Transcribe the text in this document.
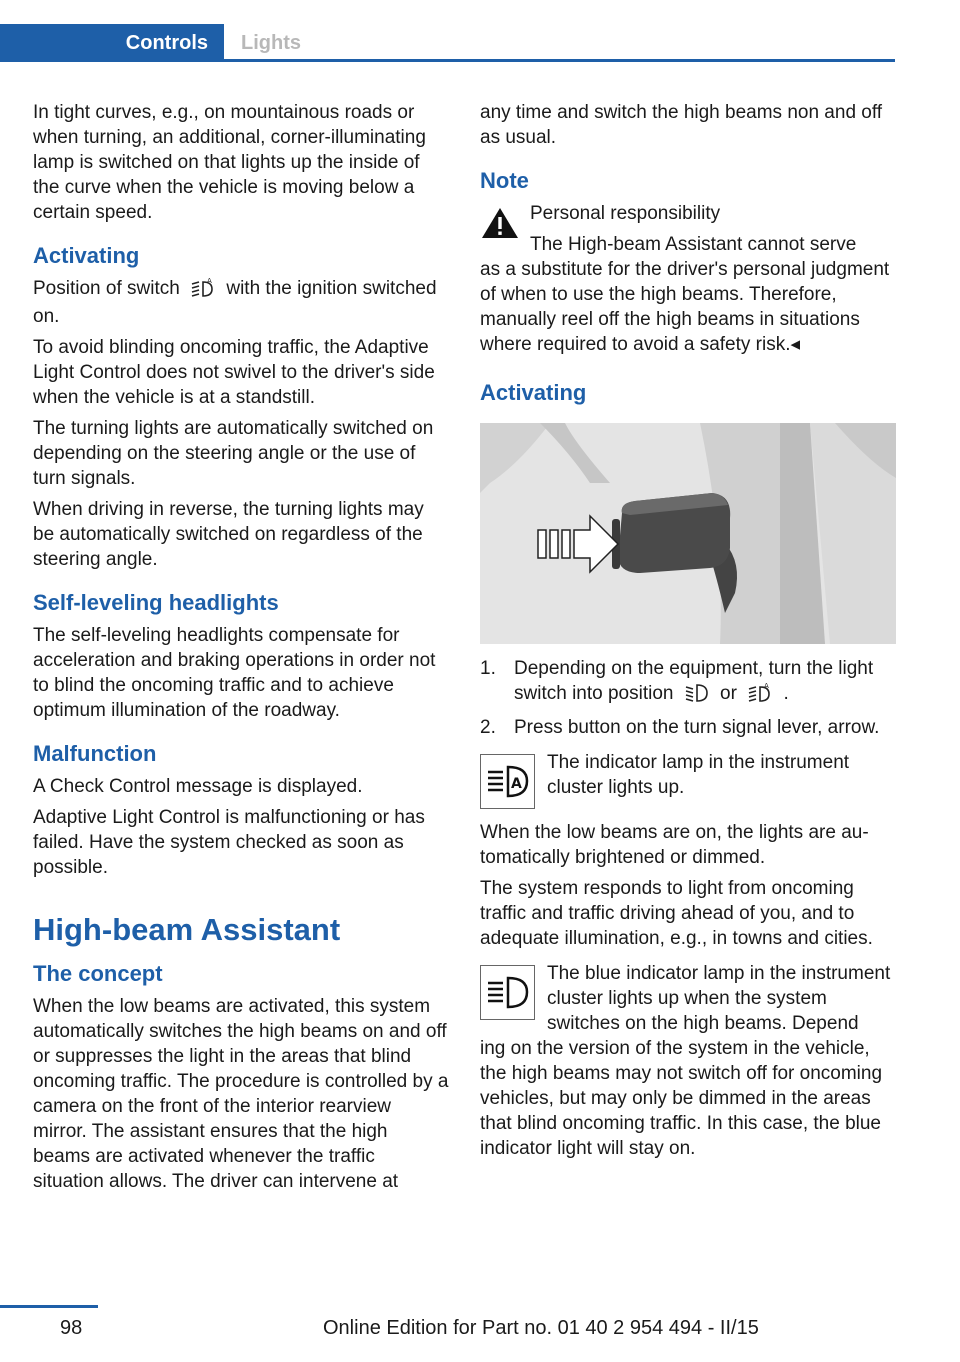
Controls	Lights

In tight curves, e.g., on mountainous roads or when turning, an additional, corner-illuminating lamp is switched on that lights up the inside of the curve when the vehicle is moving below a certain speed.

Activating

Position of switch	A with the ignition switched on.

To avoid blinding oncoming traffic, the Adaptive Light Control does not swivel to the driver's side when the vehicle is at a standstill.

The turning lights are automatically switched on depending on the steering angle or the use of turn signals.

When driving in reverse, the turning lights may be automatically switched on regardless of the steering angle.

Self-leveling headlights

The self-leveling headlights compensate for acceleration and braking operations in order not to blind the oncoming traffic and to achieve optimum illumination of the roadway.

Malfunction

A Check Control message is displayed.

Adaptive Light Control is malfunctioning or has failed. Have the system checked as soon as possible.

High-beam Assistant
The concept

When the low beams are activated, this system automatically switches the high beams on and off or suppresses the light in the areas that blind oncoming traffic. The procedure is controlled by a camera on the front of the interior rearview mirror. The assistant ensures that the high beams are activated whenever the traffic situation allows. The driver can intervene at

any time and switch the high beams non and off as usual.

Note

Personal responsibility

The High-beam Assistant cannot serve

as a substitute for the driver's personal judgment of when to use the high beams. Therefore, manually reel off the high beams in situations where required to avoid a safety risk.◂

Activating
1. Depending on the equipment, turn the light switch into position or	A .
2. Press button on the turn signal lever, arrow.
A

The indicator lamp in the instrument cluster lights up.

When the low beams are on, the lights are automatically brightened or dimmed.

The system responds to light from oncoming traffic and traffic driving ahead of you, and to adequate illumination, e.g., in towns and cities.

The blue indicator lamp in the instrument cluster lights up when the system switches on the high beams. Depend

ing on the version of the system in the vehicle, the high beams may not switch off for oncoming vehicles, but may only be dimmed in the areas that blind oncoming traffic. In this case, the blue indicator light will stay on.

98	Online Edition for Part no. 01 40 2 954 494 - II/15
